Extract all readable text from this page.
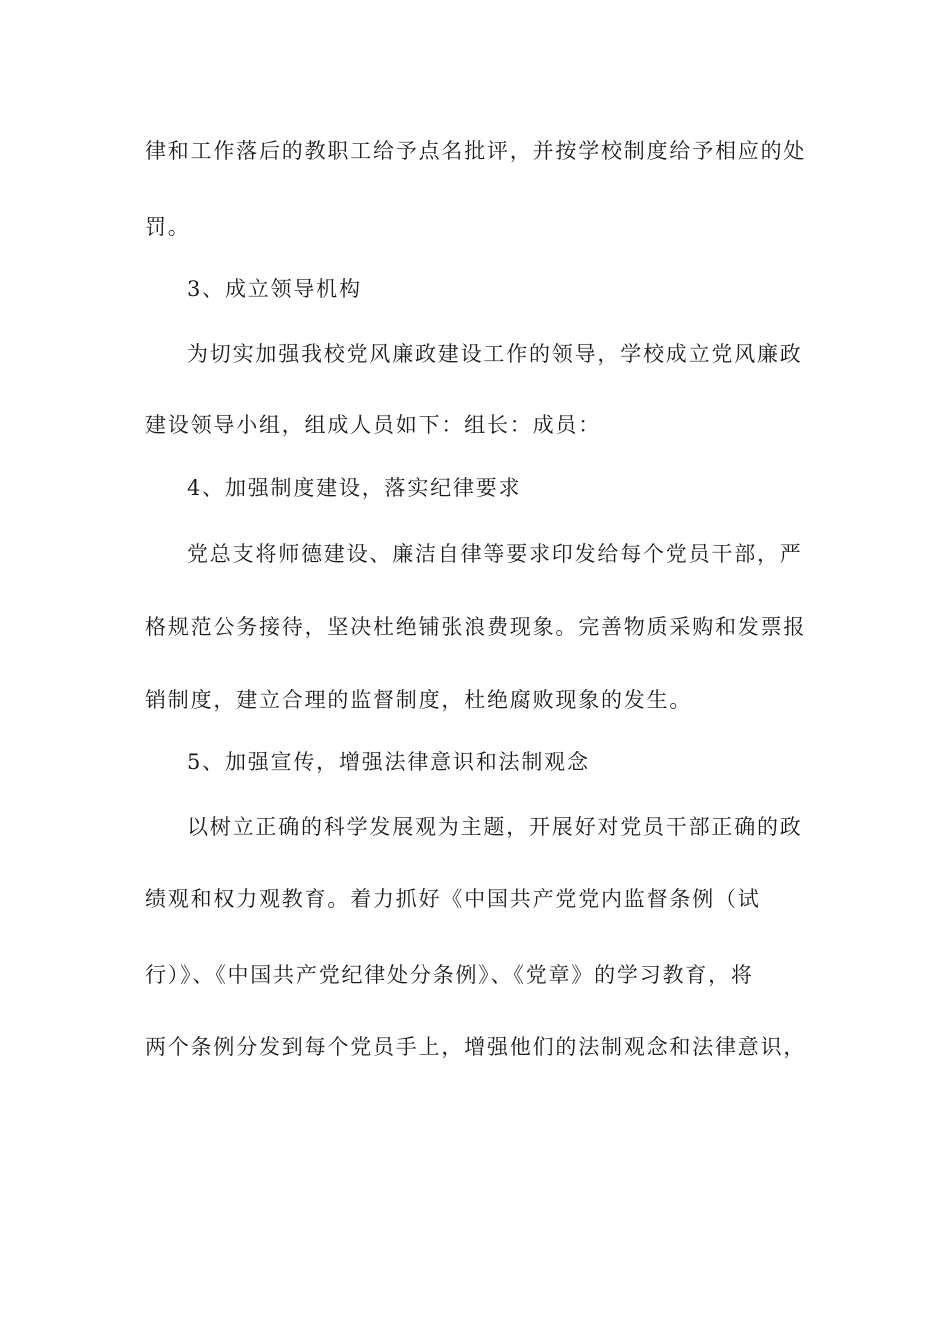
律和工作落后的教职工给予点名批评，并按学校制度给予相应的处
罚。
3、成立领导机构
为切实加强我校党风廉政建设工作的领导，学校成立党风廉政
建设领导小组，组成人员如下：组长：成员：
4、加强制度建设，落实纪律要求
党总支将师德建设、廉洁自律等要求印发给每个党员干部，严
格规范公务接待，坚决杜绝铺张浪费现象。完善物质采购和发票报
销制度，建立合理的监督制度，杜绝腐败现象的发生。
5、加强宣传，增强法律意识和法制观念
以树立正确的科学发展观为主题，开展好对党员干部正确的政
绩观和权力观教育。着力抓好《中国共产党党内监督条例（试
行）》、《中国共产党纪律处分条例》、《党章》的学习教育，将
两个条例分发到每个党员手上，增强他们的法制观念和法律意识，
